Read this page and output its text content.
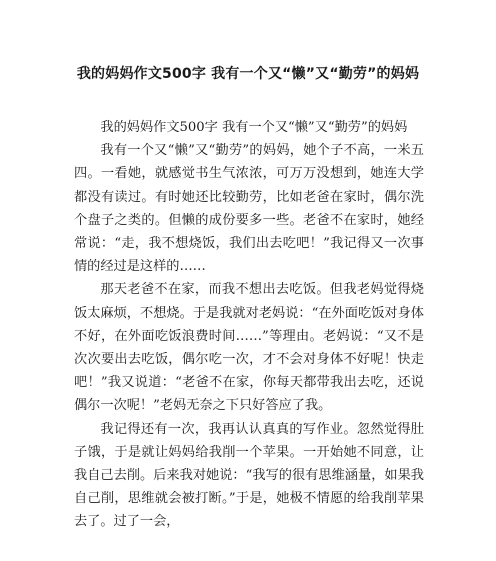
我的妈妈作文500字 我有一个又“懒”又“勤劳”的妈妈

我的妈妈作文500字 我有一个又“懒”又“勤劳”的妈妈

我有一个又“懒”又“勤劳”的妈妈，她个子不高，一米五四。一看她，就感觉书生气浓浓，可万万没想到，她连大学都没有读过。有时她还比较勤劳，比如老爸在家时，偶尔洗个盘子之类的。但懒的成份要多一些。老爸不在家时，她经常说：“走，我不想烧饭，我们出去吃吧！”我记得又一次事情的经过是这样的……

那天老爸不在家，而我不想出去吃饭。但我老妈觉得烧饭太麻烦，不想烧。于是我就对老妈说：“在外面吃饭对身体不好，在外面吃饭浪费时间……”等理由。老妈说：“又不是次次要出去吃饭，偶尔吃一次，才不会对身体不好呢！快走吧！”我又说道：“老爸不在家，你每天都带我出去吃，还说偶尔一次呢！”老妈无奈之下只好答应了我。

我记得还有一次，我再认认真真的写作业。忽然觉得肚子饿，于是就让妈妈给我削一个苹果。一开始她不同意，让我自己去削。后来我对她说：“我写的很有思维涵量，如果我自己削，思维就会被打断。”于是，她极不情愿的给我削苹果去了。过了一会，
